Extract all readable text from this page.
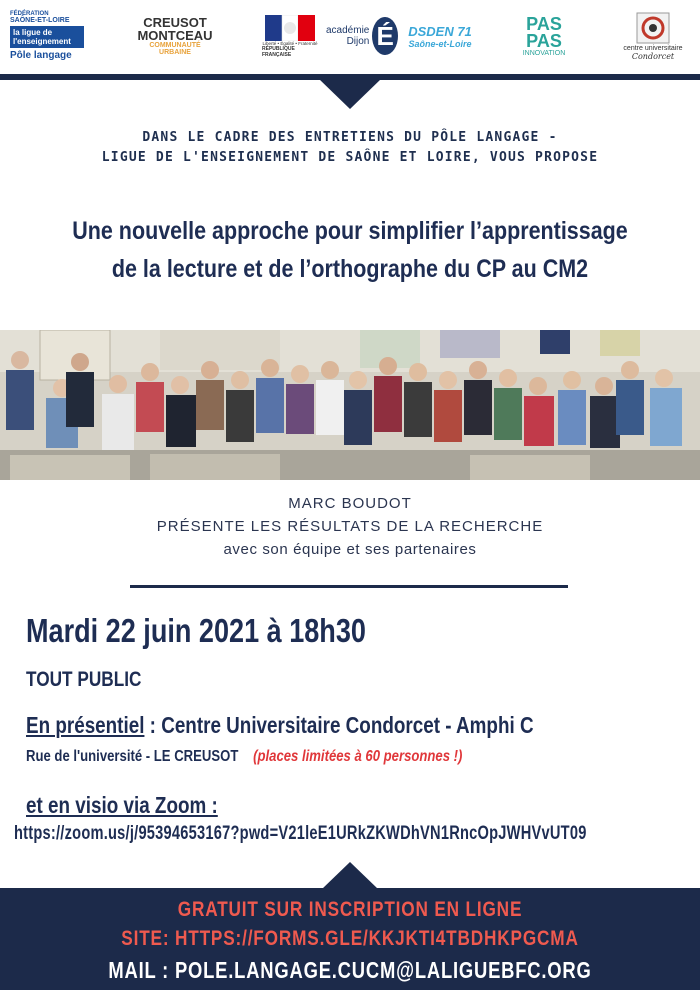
FÉDÉRATION
SAÔNE-ET-LOIRE
la ligue de l'enseignement
Pôle langage
CREUSOT
MONTCEAU
COMMUNAUTÉ
URBAINE
Liberté • Égalité • Fraternité
RÉPUBLIQUE FRANÇAISE
académie
Dijon É	DSDEN 71
Saône-et-Loire
PAS
PAS
INNOVATION
centre universitaire
Condorcet
DANS LE CADRE DES ENTRETIENS DU PÔLE LANGAGE -
LIGUE DE L'ENSEIGNEMENT DE SAÔNE ET LOIRE, VOUS PROPOSE
Une nouvelle approche pour simplifier l’apprentissage
de la lecture et de l’orthographe du CP au CM2
MARC BOUDOT
PRÉSENTE LES RÉSULTATS DE LA RECHERCHE
avec son équipe et ses partenaires
Mardi 22 juin 2021 à 18h30
TOUT PUBLIC
En présentiel : Centre Universitaire Condorcet - Amphi C
Rue de l'université - LE CREUSOT (places limitées à 60 personnes !)
et en visio via Zoom :
https://zoom.us/j/95394653167?pwd=V21leE1URkZKWDhVN1RncOpJWHVvUT09
GRATUIT SUR INSCRIPTION EN LIGNE
SITE: HTTPS://FORMS.GLE/KKJKTI4TBDHKPGCMA
MAIL : POLE.LANGAGE.CUCM@LALIGUEBFC.ORG
